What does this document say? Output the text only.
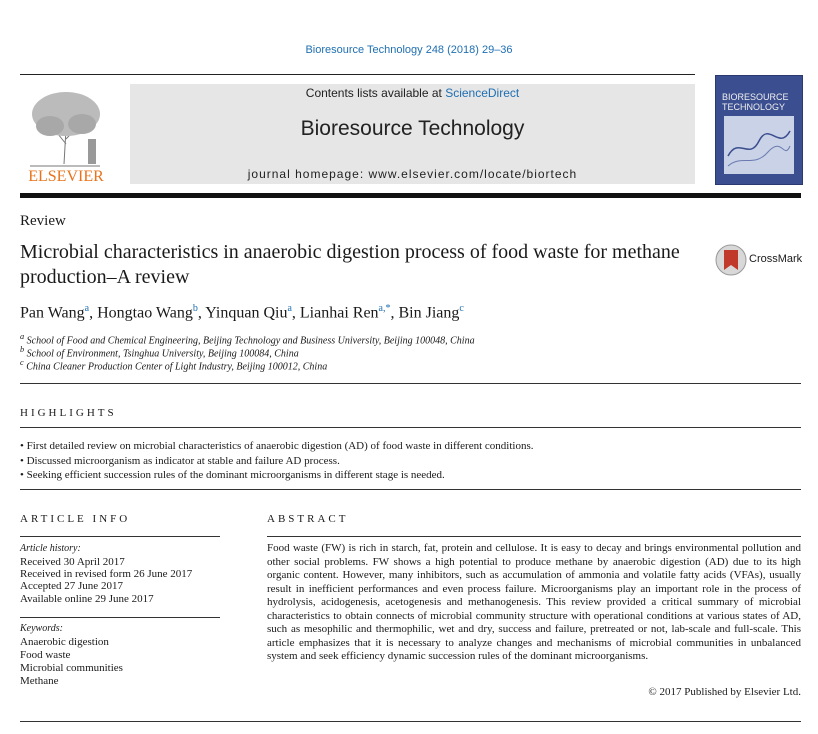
Bioresource Technology 248 (2018) 29–36
ELSEVIER
Contents lists available at ScienceDirect
Bioresource Technology
journal homepage: www.elsevier.com/locate/biortech
BIORESOURCE TECHNOLOGY
Review
Microbial characteristics in anaerobic digestion process of food waste for methane production–A review
CrossMark
Pan Wang$^a$, Hongtao Wang$^b$, Yinquan Qiu$^a$, Lianhai Ren$^{a,*}$, Bin Jiang$^c$
$^a$ School of Food and Chemical Engineering, Beijing Technology and Business University, Beijing 100048, China
$^b$ School of Environment, Tsinghua University, Beijing 100084, China
$^c$ China Cleaner Production Center of Light Industry, Beijing 100012, China
HIGHLIGHTS
• First detailed review on microbial characteristics of anaerobic digestion (AD) of food waste in different conditions.
• Discussed microorganism as indicator at stable and failure AD process.
• Seeking efficient succession rules of the dominant microorganisms in different stage is needed.
ARTICLE INFO
Article history:
Received 30 April 2017
Received in revised form 26 June 2017
Accepted 27 June 2017
Available online 29 June 2017
Keywords:
Anaerobic digestion
Food waste
Microbial communities
Methane
ABSTRACT
Food waste (FW) is rich in starch, fat, protein and cellulose. It is easy to decay and brings environmental pollution and other social problems. FW shows a high potential to produce methane by anaerobic digestion (AD) due to its high organic content. However, many inhibitors, such as accumulation of ammonia and volatile fatty acids (VFAs), usually result in inefficient performances and even process failure. Microorganisms play an important role in the process of hydrolysis, acidogenesis, acetogenesis and methanogenesis. This review provided a critical summary of microbial characteristics to obtain connects of microbial community structure with operational conditions at various states of AD, such as mesophilic and thermophilic, wet and dry, success and failure, pretreated or not, lab-scale and full-scale. This article emphasizes that it is necessary to analyze changes and mechanisms of microbial communities in unbalanced system and seek efficiency dynamic succession rules of the dominant microorganisms.
© 2017 Published by Elsevier Ltd.
